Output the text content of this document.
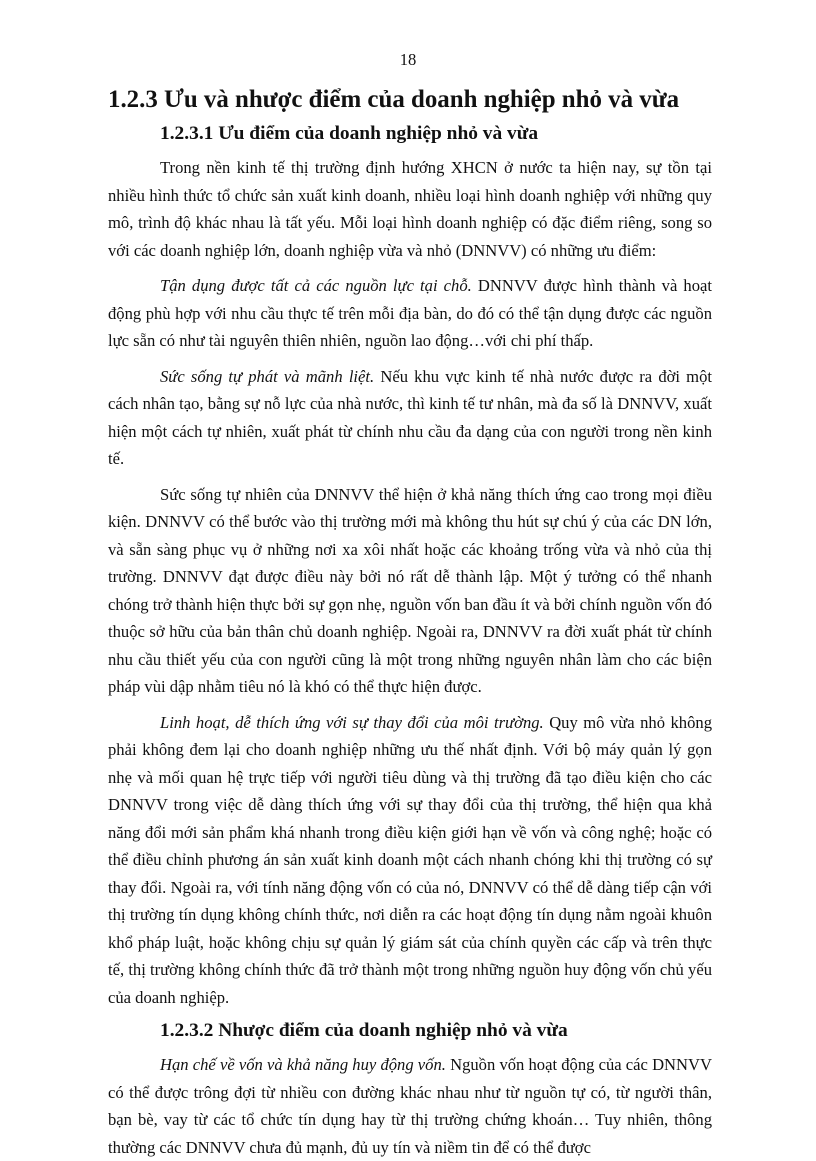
18
1.2.3 Ưu và nhược điểm của doanh nghiệp nhỏ và vừa
1.2.3.1 Ưu điểm của doanh nghiệp nhỏ và vừa

Trong nền kinh tế thị trường định hướng XHCN ở nước ta hiện nay, sự tồn tại nhiều hình thức tổ chức sản xuất kinh doanh, nhiều loại hình doanh nghiệp với những quy mô, trình độ khác nhau là tất yếu. Mỗi loại hình doanh nghiệp có đặc điểm riêng, song so với các doanh nghiệp lớn, doanh nghiệp vừa và nhỏ (DNNVV) có những ưu điểm:

Tận dụng được tất cả các nguồn lực tại chỗ. DNNVV được hình thành và hoạt động phù hợp với nhu cầu thực tế trên mỗi địa bàn, do đó có thể tận dụng được các nguồn lực sẵn có như tài nguyên thiên nhiên, nguồn lao động…với chi phí thấp.

Sức sống tự phát và mãnh liệt. Nếu khu vực kinh tế nhà nước được ra đời một cách nhân tạo, bằng sự nỗ lực của nhà nước, thì kinh tế tư nhân, mà đa số là DNNVV, xuất hiện một cách tự nhiên, xuất phát từ chính nhu cầu đa dạng của con người trong nền kinh tế.

Sức sống tự nhiên của DNNVV thể hiện ở khả năng thích ứng cao trong mọi điều kiện. DNNVV có thể bước vào thị trường mới mà không thu hút sự chú ý của các DN lớn, và sẵn sàng phục vụ ở những nơi xa xôi nhất hoặc các khoảng trống vừa và nhỏ của thị trường. DNNVV đạt được điều này bởi nó rất dễ thành lập. Một ý tưởng có thể nhanh chóng trở thành hiện thực bởi sự gọn nhẹ, nguồn vốn ban đầu ít và bởi chính nguồn vốn đó thuộc sở hữu của bản thân chủ doanh nghiệp. Ngoài ra, DNNVV ra đời xuất phát từ chính nhu cầu thiết yếu của con người cũng là một trong những nguyên nhân làm cho các biện pháp vùi dập nhằm tiêu nó là khó có thể thực hiện được.

Linh hoạt, dễ thích ứng với sự thay đổi của môi trường. Quy mô vừa nhỏ không phải không đem lại cho doanh nghiệp những ưu thế nhất định. Với bộ máy quản lý gọn nhẹ và mối quan hệ trực tiếp với người tiêu dùng và thị trường đã tạo điều kiện cho các DNNVV trong việc dễ dàng thích ứng với sự thay đổi của thị trường, thể hiện qua khả năng đổi mới sản phẩm khá nhanh trong điều kiện giới hạn về vốn và công nghệ; hoặc có thể điều chỉnh phương án sản xuất kinh doanh một cách nhanh chóng khi thị trường có sự thay đổi. Ngoài ra, với tính năng động vốn có của nó, DNNVV có thể dễ dàng tiếp cận với thị trường tín dụng không chính thức, nơi diễn ra các hoạt động tín dụng nằm ngoài khuôn khổ pháp luật, hoặc không chịu sự quản lý giám sát của chính quyền các cấp và trên thực tế, thị trường không chính thức đã trở thành một trong những nguồn huy động vốn chủ yếu của doanh nghiệp.

1.2.3.2 Nhược điểm của doanh nghiệp nhỏ và vừa

Hạn chế về vốn và khả năng huy động vốn. Nguồn vốn hoạt động của các DNNVV có thể được trông đợi từ nhiều con đường khác nhau như từ nguồn tự có, từ người thân, bạn bè, vay từ các tổ chức tín dụng hay từ thị trường chứng khoán… Tuy nhiên, thông thường các DNNVV chưa đủ mạnh, đủ uy tín và niềm tin để có thể được
